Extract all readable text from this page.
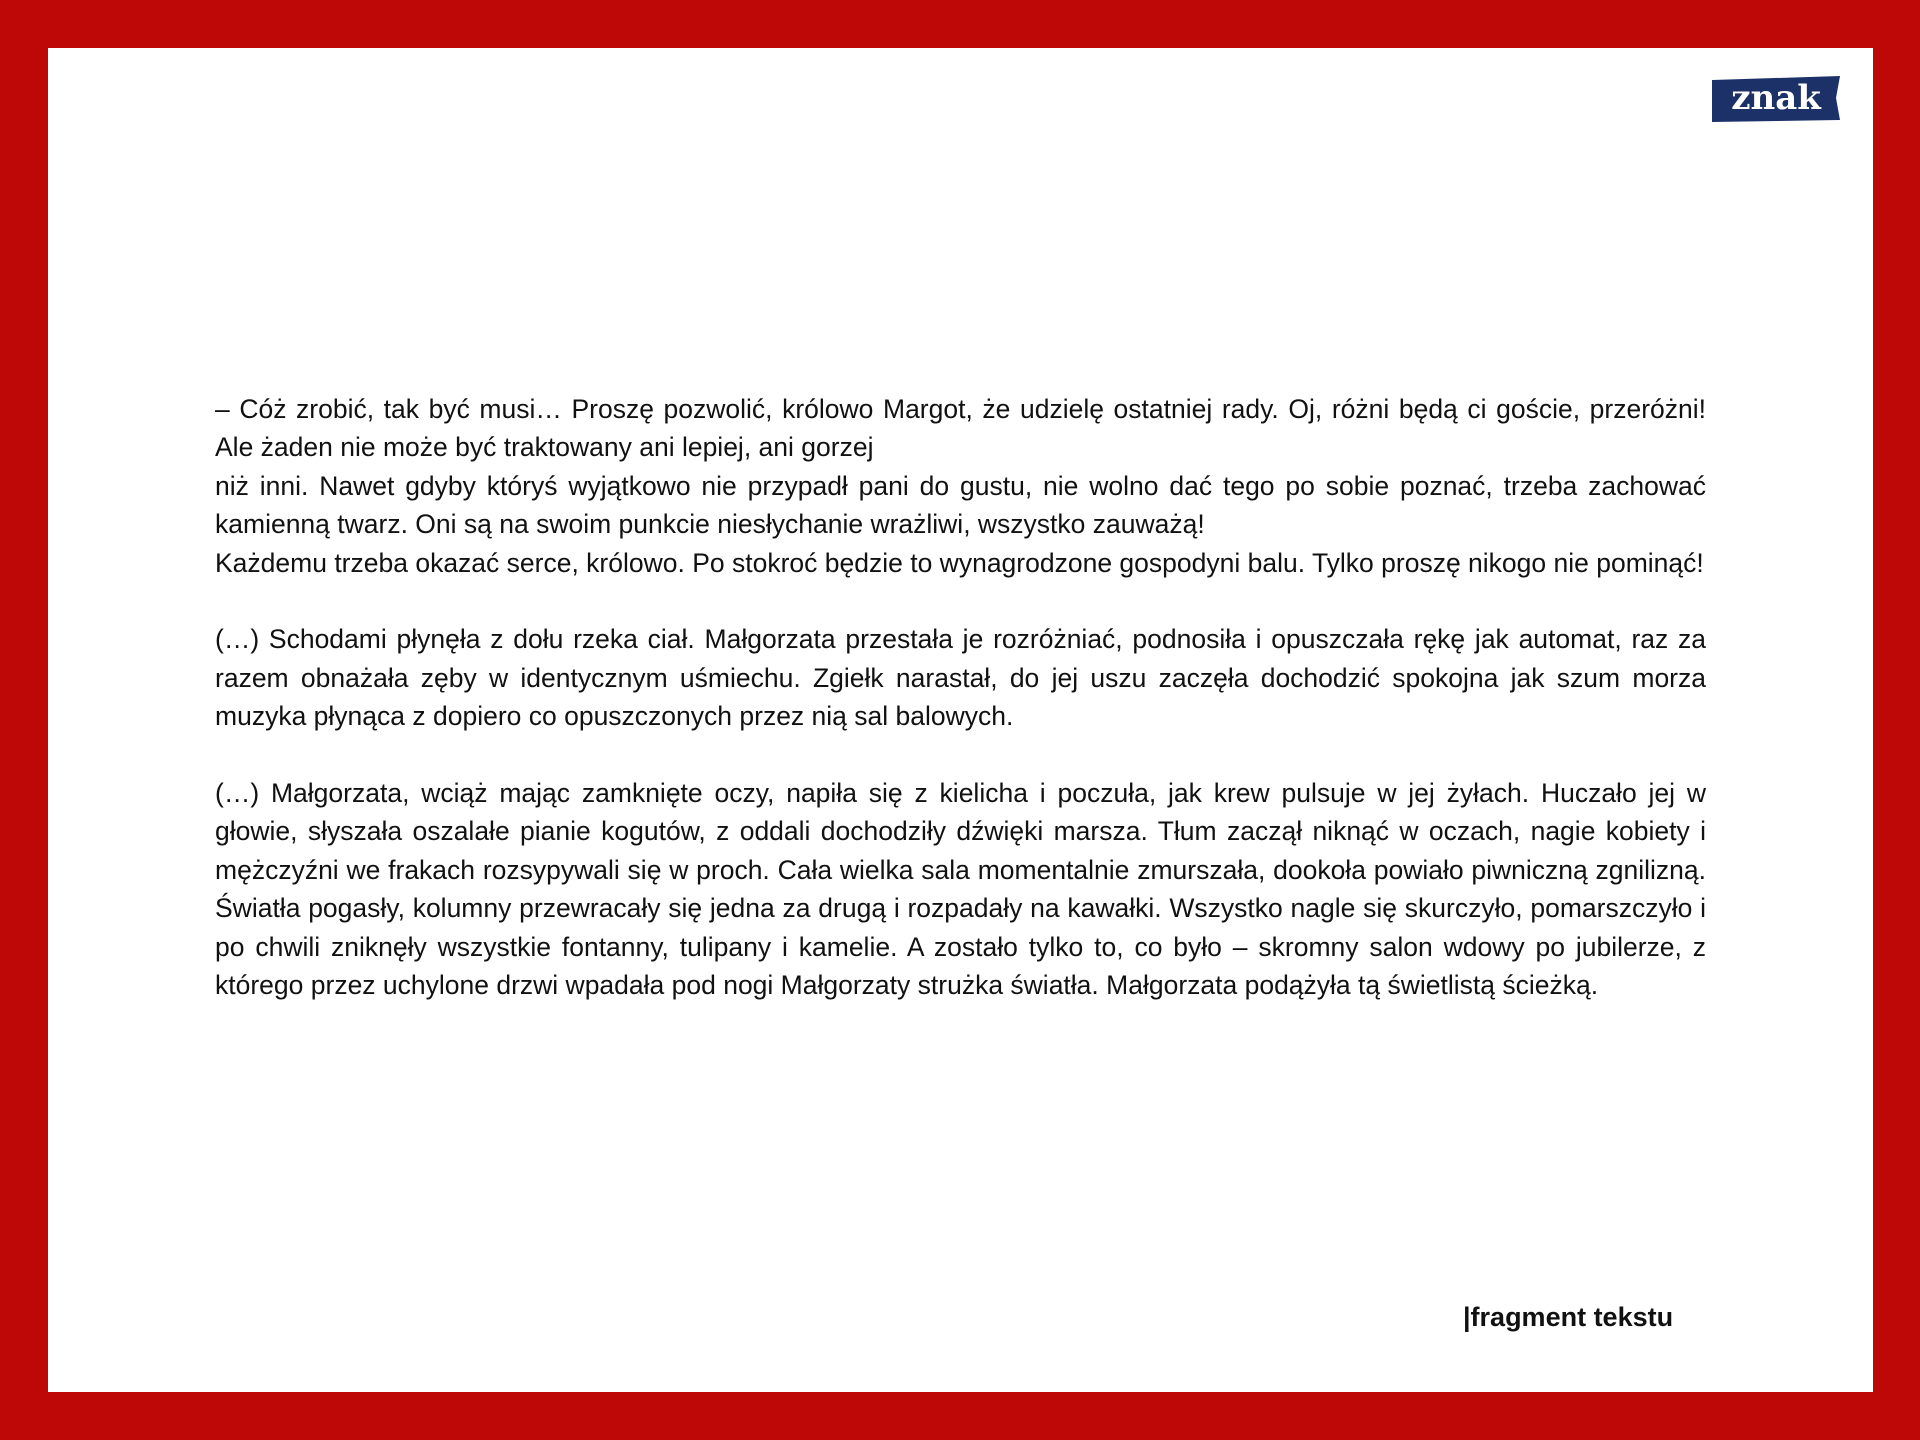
znak

– Cóż zrobić, tak być musi… Proszę pozwolić, królowo Margot, że udzielę ostatniej rady. Oj, różni będą ci goście, przeróżni! Ale żaden nie może być traktowany ani lepiej, ani gorzej
niż inni. Nawet gdyby któryś wyjątkowo nie przypadł pani do gustu, nie wolno dać tego po sobie poznać, trzeba zachować kamienną twarz. Oni są na swoim punkcie niesłychanie wrażliwi, wszystko zauważą!
Każdemu trzeba okazać serce, królowo. Po stokroć będzie to wynagrodzone gospodyni balu. Tylko proszę nikogo nie pominąć!

(…) Schodami płynęła z dołu rzeka ciał. Małgorzata przestała je rozróżniać, podnosiła i opuszczała rękę jak automat, raz za razem obnażała zęby w identycznym uśmiechu. Zgiełk narastał, do jej uszu zaczęła dochodzić spokojna jak szum morza muzyka płynąca z dopiero co opuszczonych przez nią sal balowych.

(…) Małgorzata, wciąż mając zamknięte oczy, napiła się z kielicha i poczuła, jak krew pulsuje w jej żyłach. Huczało jej w głowie, słyszała oszalałe pianie kogutów, z oddali dochodziły dźwięki marsza. Tłum zaczął niknąć w oczach, nagie kobiety i mężczyźni we frakach rozsypywali się w proch. Cała wielka sala momentalnie zmurszała, dookoła powiało piwniczną zgnilizną. Światła pogasły, kolumny przewracały się jedna za drugą i rozpadały na kawałki. Wszystko nagle się skurczyło, pomarszczyło i po chwili zniknęły wszystkie fontanny, tulipany i kamelie. A zostało tylko to, co było – skromny salon wdowy po jubilerze, z którego przez uchylone drzwi wpadała pod nogi Małgorzaty strużka światła. Małgorzata podążyła tą świetlistą ścieżką.

|fragment tekstu
